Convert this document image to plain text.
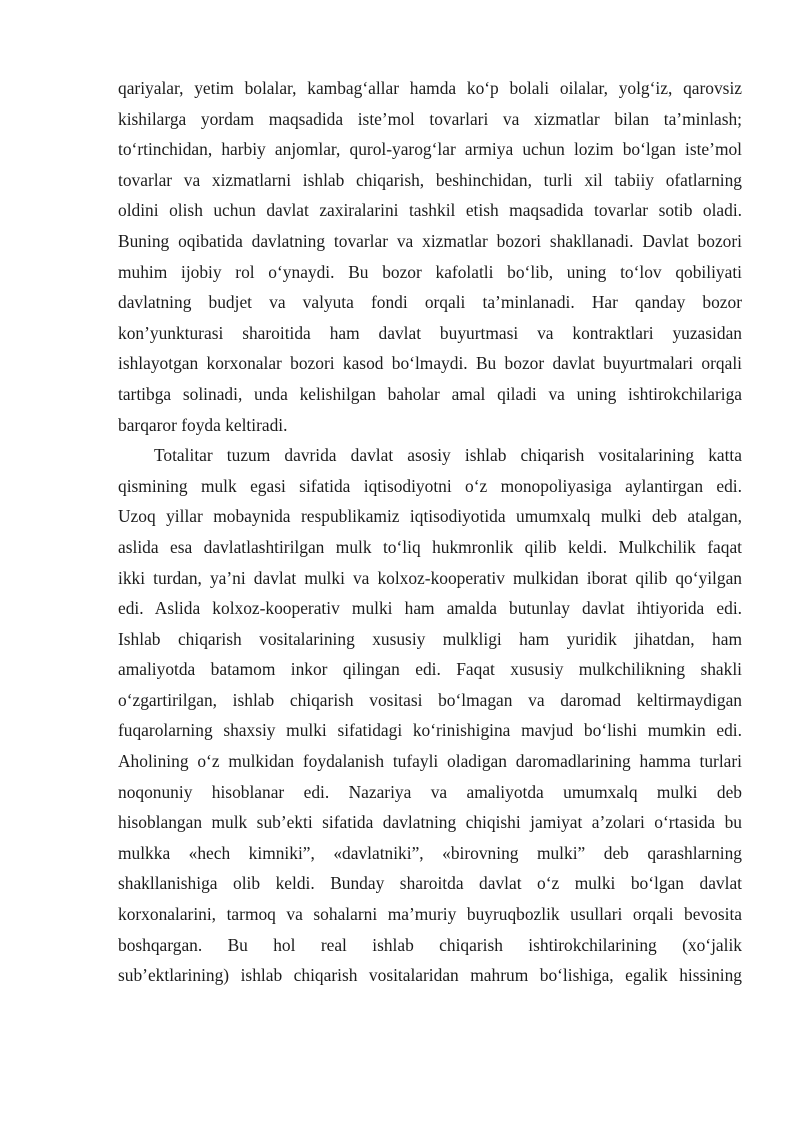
qariyalar, yetim bolalar, kambag‘allar hamda ko‘p bolali oilalar, yolg‘iz, qarovsiz
kishilarga yordam maqsadida iste’mol tovarlari va xizmatlar bilan ta’minlash;
to‘rtinchidan, harbiy anjomlar, qurol-yarog‘lar armiya uchun lozim bo‘lgan iste’mol
tovarlar va xizmatlarni ishlab chiqarish, beshinchidan, turli xil tabiiy ofatlarning
oldini olish uchun davlat zaxiralarini tashkil etish maqsadida tovarlar sotib oladi.
Buning oqibatida davlatning tovarlar va xizmatlar bozori shakllanadi. Davlat bozori
muhim ijobiy rol o‘ynaydi. Bu bozor kafolatli bo‘lib, uning to‘lov qobiliyati
davlatning budjet va valyuta fondi orqali ta’minlanadi. Har qanday bozor
kon’yunkturasi sharoitida ham davlat buyurtmasi va kontraktlari yuzasidan
ishlayotgan korxonalar bozori kasod bo‘lmaydi. Bu bozor davlat buyurtmalari orqali
tartibga solinadi, unda kelishilgan baholar amal qiladi va uning ishtirokchilariga
barqaror foyda keltiradi.
Totalitar tuzum davrida davlat asosiy ishlab chiqarish vositalarining katta
qismining mulk egasi sifatida iqtisodiyotni o‘z monopoliyasiga aylantirgan edi.
Uzoq yillar mobaynida respublikamiz iqtisodiyotida umumxalq mulki deb atalgan,
aslida esa davlatlashtirilgan mulk to‘liq hukmronlik qilib keldi. Mulkchilik faqat
ikki turdan, ya’ni davlat mulki va kolxoz-kooperativ mulkidan iborat qilib qo‘yilgan
edi. Aslida kolxoz-kooperativ mulki ham amalda butunlay davlat ihtiyorida edi.
Ishlab chiqarish vositalarining xususiy mulkligi ham yuridik jihatdan, ham
amaliyotda batamom inkor qilingan edi. Faqat xususiy mulkchilikning shakli
o‘zgartirilgan, ishlab chiqarish vositasi bo‘lmagan va daromad keltirmaydigan
fuqarolarning shaxsiy mulki sifatidagi ko‘rinishigina mavjud bo‘lishi mumkin edi.
Aholining o‘z mulkidan foydalanish tufayli oladigan daromadlarining hamma turlari
noqonuniy hisoblanar edi. Nazariya va amaliyotda umumxalq mulki deb
hisoblangan mulk sub’ekti sifatida davlatning chiqishi jamiyat a’zolari o‘rtasida bu
mulkka «hech kimniki”, «davlatniki”, «birovning mulki” deb qarashlarning
shakllanishiga olib keldi. Bunday sharoitda davlat o‘z mulki bo‘lgan davlat
korxonalarini, tarmoq va sohalarni ma’muriy buyruqbozlik usullari orqali bevosita
boshqargan. Bu hol real ishlab chiqarish ishtirokchilarining (xo‘jalik
sub’ektlarining) ishlab chiqarish vositalaridan mahrum bo‘lishiga, egalik hissining
